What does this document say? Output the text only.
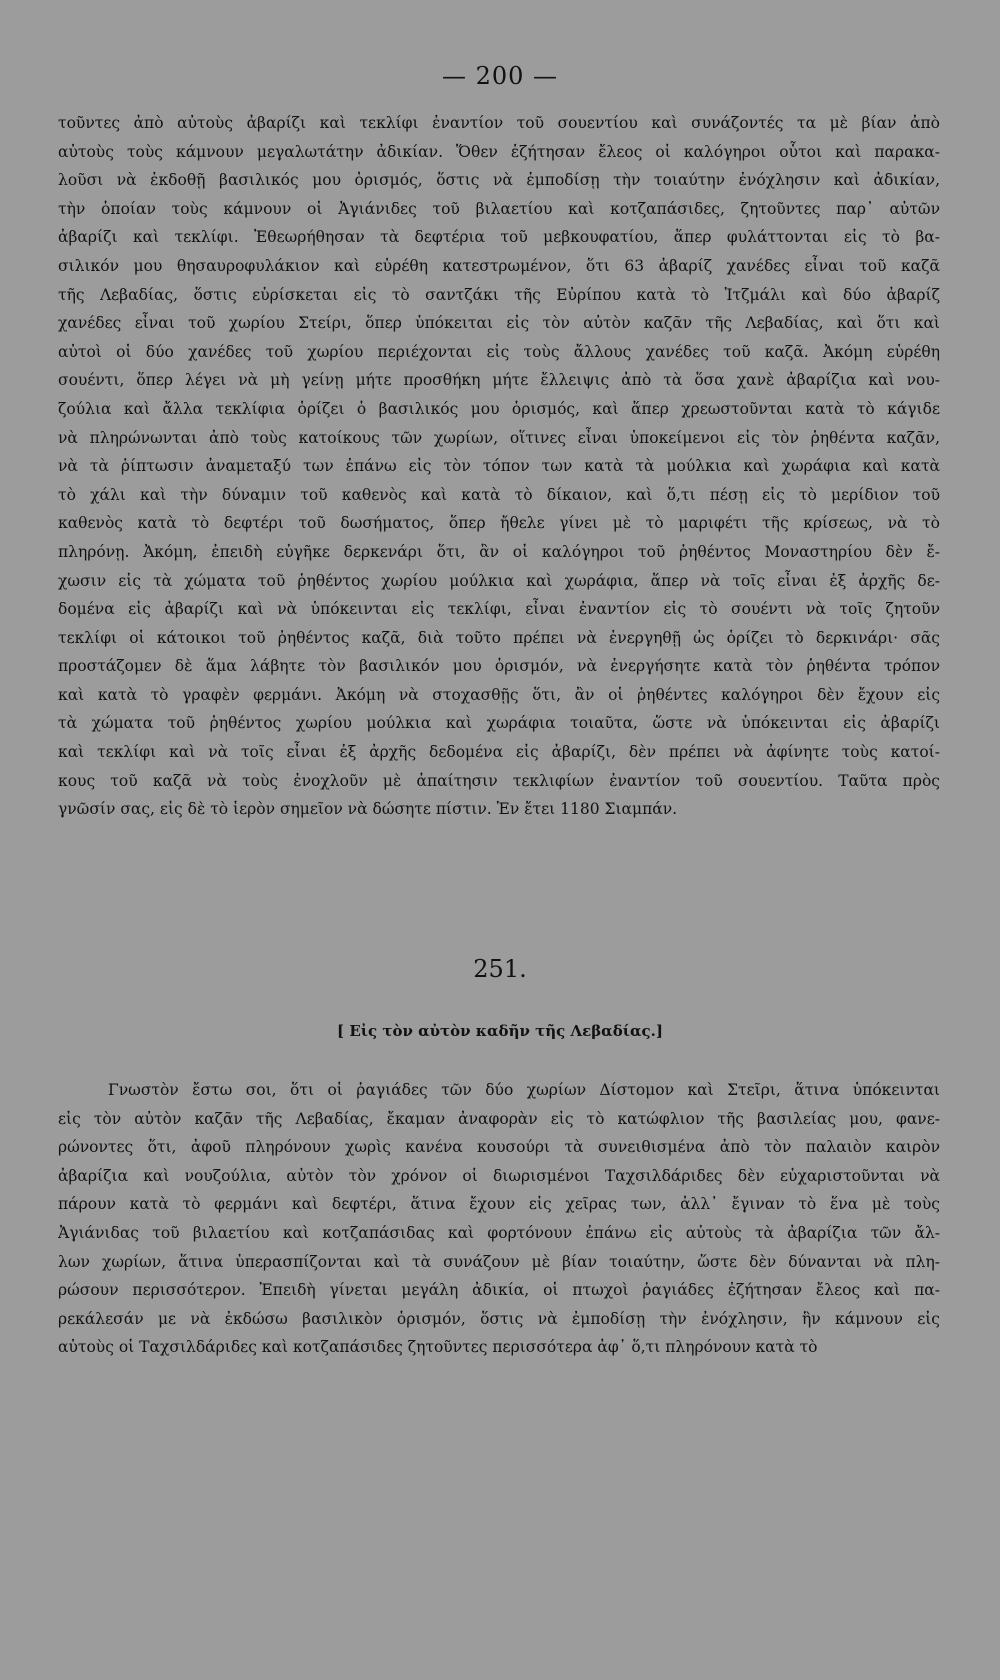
— 200 —
τοῦντες ἀπὸ αὐτοὺς ἀβαρίζι καὶ τεκλίφι ἐναντίον τοῦ σουεντίου καὶ συνάζοντές τα μὲ βίαν ἀπὸ
αὐτοὺς τοὺς κάμνουν μεγαλωτάτην ἀδικίαν. Ὅθεν ἐζήτησαν ἔλεος οἱ καλόγηροι οὗτοι καὶ παρακα-
λοῦσι νὰ ἐκδοθῇ βασιλικός μου ὁρισμός, ὅστις νὰ ἐμποδίσῃ τὴν τοιαύτην ἐνόχλησιν καὶ ἀδικίαν,
τὴν ὁποίαν τοὺς κάμνουν οἱ Ἀγιάνιδες τοῦ βιλαετίου καὶ κοτζαπάσιδες, ζητοῦντες παρ᾽ αὐτῶν
ἀβαρίζι καὶ τεκλίφι. Ἐθεωρήθησαν τὰ δεφτέρια τοῦ μεβκουφατίου, ἅπερ φυλάττονται εἰς τὸ βα-
σιλικόν μου θησαυροφυλάκιον καὶ εὑρέθη κατεστρωμένον, ὅτι 63 ἀβαρίζ χανέδες εἶναι τοῦ καζᾶ
τῆς Λεβαδίας, ὅστις εὑρίσκεται εἰς τὸ σαντζάκι τῆς Εὐρίπου κατὰ τὸ Ἰτζμάλι καὶ δύο ἀβαρίζ
χανέδες εἶναι τοῦ χωρίου Στείρι, ὅπερ ὑπόκειται εἰς τὸν αὐτὸν καζᾶν τῆς Λεβαδίας, καὶ ὅτι καὶ
αὐτοὶ οἱ δύο χανέδες τοῦ χωρίου περιέχονται εἰς τοὺς ἄλλους χανέδες τοῦ καζᾶ. Ἀκόμη εὑρέθη
σουέντι, ὅπερ λέγει νὰ μὴ γείνῃ μήτε προσθήκη μήτε ἔλλειψις ἀπὸ τὰ ὅσα χανὲ ἀβαρίζια καὶ νου-
ζούλια καὶ ἄλλα τεκλίφια ὁρίζει ὁ βασιλικός μου ὁρισμός, καὶ ἅπερ χρεωστοῦνται κατὰ τὸ κάγιδε
νὰ πληρώνωνται ἀπὸ τοὺς κατοίκους τῶν χωρίων, οἵτινες εἶναι ὑποκείμενοι εἰς τὸν ῥηθέντα καζᾶν,
νὰ τὰ ῥίπτωσιν ἀναμεταξύ των ἐπάνω εἰς τὸν τόπον των κατὰ τὰ μούλκια καὶ χωράφια καὶ κατὰ
τὸ χάλι καὶ τὴν δύναμιν τοῦ καθενὸς καὶ κατὰ τὸ δίκαιον, καὶ ὅ,τι πέσῃ εἰς τὸ μερίδιον τοῦ
καθενὸς κατὰ τὸ δεφτέρι τοῦ δωσήματος, ὅπερ ἤθελε γίνει μὲ τὸ μαριφέτι τῆς κρίσεως, νὰ τὸ
πληρόνῃ. Ἀκόμη, ἐπειδὴ εὐγῆκε δερκενάρι ὅτι, ἂν οἱ καλόγηροι τοῦ ῥηθέντος Μοναστηρίου δὲν ἔ-
χωσιν εἰς τὰ χώματα τοῦ ῥηθέντος χωρίου μούλκια καὶ χωράφια, ἅπερ νὰ τοῖς εἶναι ἐξ ἀρχῆς δε-
δομένα εἰς ἀβαρίζι καὶ νὰ ὑπόκεινται εἰς τεκλίφι, εἶναι ἐναντίον εἰς τὸ σουέντι νὰ τοῖς ζητοῦν
τεκλίφι οἱ κάτοικοι τοῦ ῥηθέντος καζᾶ, διὰ τοῦτο πρέπει νὰ ἐνεργηθῇ ὡς ὁρίζει τὸ δερκινάρι· σᾶς
προστάζομεν δὲ ἅμα λάβητε τὸν βασιλικόν μου ὁρισμόν, νὰ ἐνεργήσητε κατὰ τὸν ῥηθέντα τρόπον
καὶ κατὰ τὸ γραφὲν φερμάνι. Ἀκόμη νὰ στοχασθῇς ὅτι, ἂν οἱ ῥηθέντες καλόγηροι δὲν ἔχουν εἰς
τὰ χώματα τοῦ ῥηθέντος χωρίου μούλκια καὶ χωράφια τοιαῦτα, ὥστε νὰ ὑπόκεινται εἰς ἀβαρίζι
καὶ τεκλίφι καὶ νὰ τοῖς εἶναι ἐξ ἀρχῆς δεδομένα εἰς ἀβαρίζι, δὲν πρέπει νὰ ἀφίνητε τοὺς κατοί-
κους τοῦ καζᾶ νὰ τοὺς ἐνοχλοῦν μὲ ἀπαίτησιν τεκλιφίων ἐναντίον τοῦ σουεντίου. Ταῦτα πρὸς
γνῶσίν σας, εἰς δὲ τὸ ἱερὸν σημεῖον νὰ δώσητε πίστιν. Ἐν ἔτει 1180 Σιαμπάν.
251.
[ Εἰς τὸν αὐτὸν καδῆν τῆς Λεβαδίας.]
Γνωστὸν ἔστω σοι, ὅτι οἱ ῥαγιάδες τῶν δύο χωρίων Δίστομον καὶ Στεῖρι, ἅτινα ὑπόκεινται
εἰς τὸν αὐτὸν καζᾶν τῆς Λεβαδίας, ἔκαμαν ἀναφορὰν εἰς τὸ κατώφλιον τῆς βασιλείας μου, φανε-
ρώνοντες ὅτι, ἀφοῦ πληρόνουν χωρὶς κανένα κουσούρι τὰ συνειθισμένα ἀπὸ τὸν παλαιὸν καιρὸν
ἀβαρίζια καὶ νουζούλια, αὐτὸν τὸν χρόνον οἱ διωρισμένοι Ταχσιλδάριδες δὲν εὐχαριστοῦνται νὰ
πάρουν κατὰ τὸ φερμάνι καὶ δεφτέρι, ἅτινα ἔχουν εἰς χεῖρας των, ἀλλ᾽ ἔγιναν τὸ ἕνα μὲ τοὺς
Ἀγιάνιδας τοῦ βιλαετίου καὶ κοτζαπάσιδας καὶ φορτόνουν ἐπάνω εἰς αὐτοὺς τὰ ἀβαρίζια τῶν ἄλ-
λων χωρίων, ἅτινα ὑπερασπίζονται καὶ τὰ συνάζουν μὲ βίαν τοιαύτην, ὥστε δὲν δύνανται νὰ πλη-
ρώσουν περισσότερον. Ἐπειδὴ γίνεται μεγάλη ἀδικία, οἱ πτωχοὶ ῥαγιάδες ἐζήτησαν ἔλεος καὶ πα-
ρεκάλεσάν με νὰ ἐκδώσω βασιλικὸν ὁρισμόν, ὅστις νὰ ἐμποδίσῃ τὴν ἐνόχλησιν, ἣν κάμνουν εἰς
αὐτοὺς οἱ Ταχσιλδάριδες καὶ κοτζαπάσιδες ζητοῦντες περισσότερα ἀφ᾽ ὅ,τι πληρόνουν κατὰ τὸ
